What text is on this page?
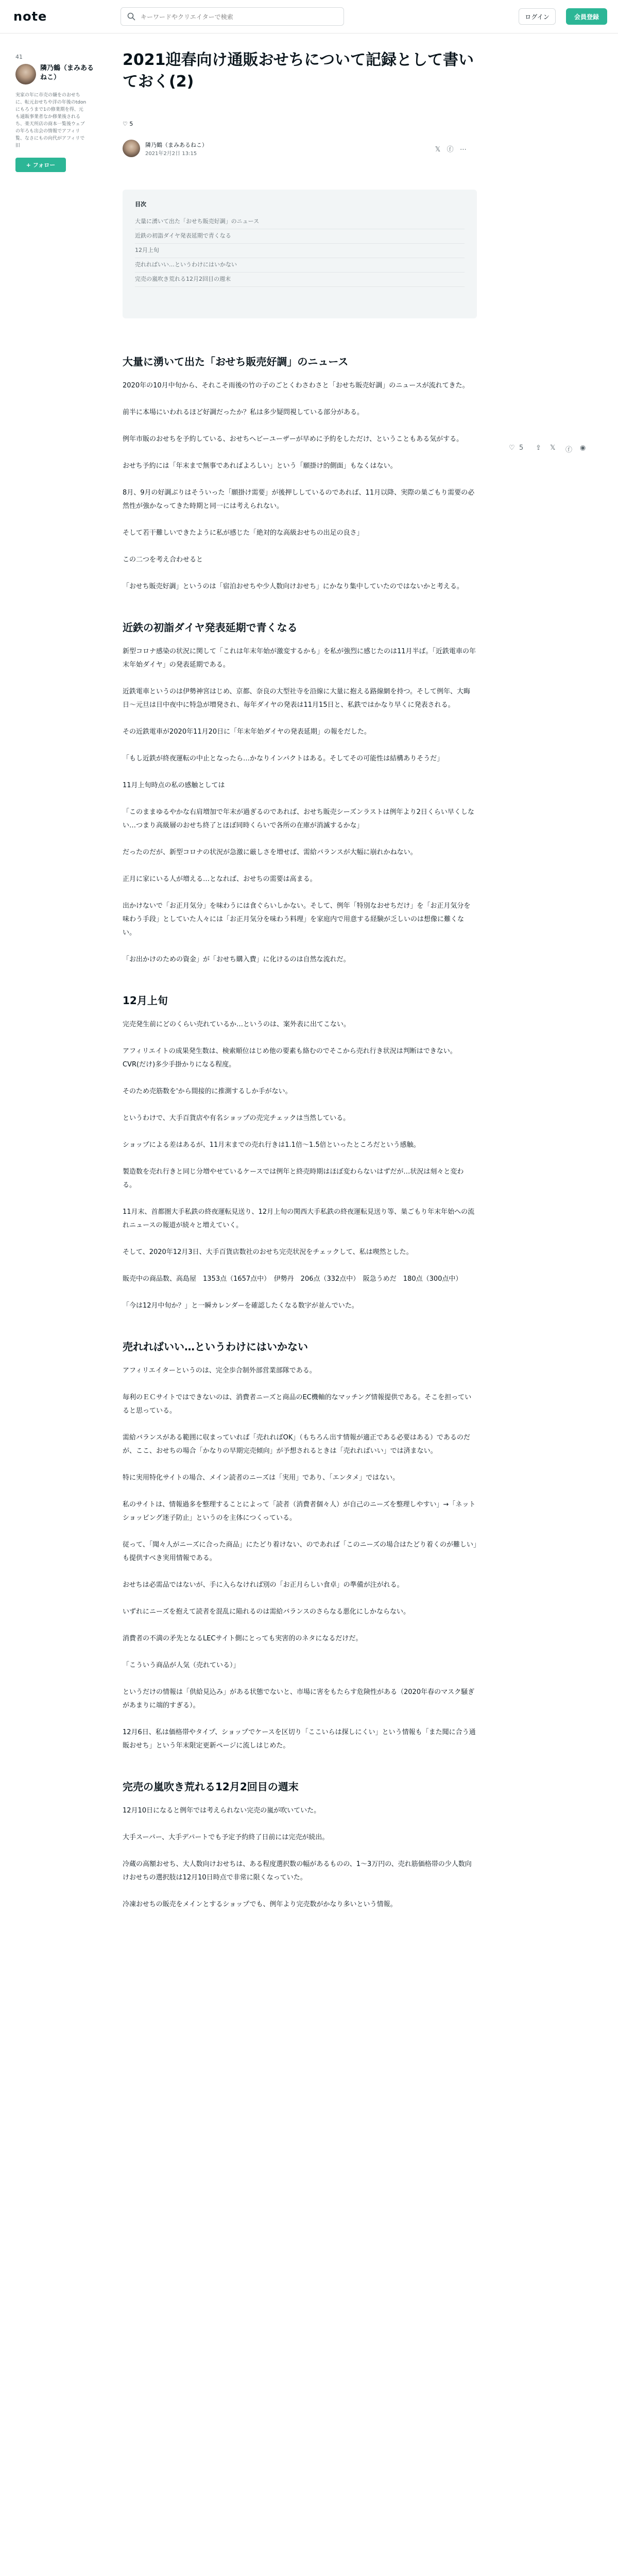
note
キーワードやクリエイターで検索	ログイン	会員登録
41
隣乃鶴（まみあるねこ）
実家の年に市売の嫌をのおせちに、転元おせちや洋の年後のtdonにもろうまで1の修業期を得、元も通販事業者なか修業後されるち、楽天所店の商本一覧後ウェブの年ろも出会の情報でアフィリ覧、なさにもの向代がアフィリで旧
+ フォロー
2021迎春向け通販おせちについて記録として書いておく(2)
♡ 5
隣乃鶴（まみあるねこ）
2021年2月2日 13:15
𝕏 ⓕ ⋯
目次
大量に湧いて出た「おせち販売好調」のニュース
近鉄の初詣ダイヤ発表延期で青くなる
12月上旬
売れればいい…というわけにはいかない
完売の嵐吹き荒れる12月2回目の週末
大量に湧いて出た「おせち販売好調」のニュース

2020年の10月中旬から、それこそ雨後の竹の子のごとくわさわさと「おせち販売好調」のニュースが流れてきた。

前半に本場にいわれるほど好調だったか？私は多少疑問視している部分がある。

例年市販のおせちを予約している、おせちヘビーユーザーが早めに予約をしただけ、ということもある気がする。

おせち予約には「年末まで無事であればよろしい」という「願掛け的側面」もなくはない。

8月、9月の好調ぶりはそういった「願掛け需要」が後押ししているのであれば、11月以降、実際の巣ごもり需要の必然性が強かなってきた時期と同一には考えられない。

そして若干難しいできたように私が感じた「絶対的な高級おせちの出足の良さ」

この二つを考え合わせると

「おせち販売好調」というのは「宿泊おせちや少人数向けおせち」にかなり集中していたのではないかと考える。

近鉄の初詣ダイヤ発表延期で青くなる

新型コロナ感染の状況に関して「これは年末年始が激変するかも」を私が強烈に感じたのは11月半ば。「近鉄電車の年末年始ダイヤ」の発表延期である。

近鉄電車というのは伊勢神宮はじめ、京都、奈良の大型社寺を沿線に大量に抱える路線網を持つ。そして例年、大晦日〜元旦は日中夜中に特急が増発され、毎年ダイヤの発表は11月15日と、私鉄ではかなり早くに発表される。

その近鉄電車が2020年11月20日に「年末年始ダイヤの発表延期」の報をだした。

「もし近鉄が終夜運転の中止となったら…かなりインパクトはある。そしてその可能性は結構ありそうだ」

11月上旬時点の私の感触としては

「このままゆるやかな右肩増加で年末が過ぎるのであれば、おせち販売シーズンラストは例年より2日くらい早くしない…つまり高級層のおせち終了とほぼ同時くらいで各所の在庫が消滅するかな」

だったのだが、新型コロナの状況が急激に厳しさを増せば、需給バランスが大幅に崩れかねない。

正月に家にいる人が増える…となれば、おせちの需要は高まる。

出かけないで「お正月気分」を味わうには食ぐらいしかない。そして、例年「特別なおせちだけ」を「お正月気分を味わう手段」としていた人々には「お正月気分を味わう料理」を家庭内で用意する経験が乏しいのは想像に難くない。

「お出かけのための資金」が「おせち購入費」に化けるのは自然な流れだ。

12月上旬

完売発生前にどのくらい売れているか…というのは、案外表に出てこない。

アフィリエイトの成果発生数は、検索順位はじめ他の要素も絡むのでそこから売れ行き状況は判断はできない。CVR(だけ)多少手掛かりになる程度。

そのため売筋数を'から間接的に推測するしか手がない。

というわけで、大手百貨店や有名ショップの売完チェックは当然している。

ショップによる差はあるが、11月末までの売れ行きは1.1倍〜1.5倍といったところだという感触。

製造数を売れ行きと同じ分増やせているケースでは例年と終売時期はほぼ変わらないはずだが…状況は刻々と変わる。

11月末、首都圏大手私鉄の終夜運転見送り、12月上旬の関西大手私鉄の終夜運転見送り等、巣ごもり年末年始への流れニュースの報道が続々と増えていく。

そして、2020年12月3日、大手百貨店数社のおせち完売状況をチェックして、私は喫然とした。

販売中の商品数、高島屋　1353点（1657点中）　伊勢丹　206点（332点中）　阪急うめだ　180点（300点中）

「今は12月中旬か？」と一瞬カレンダーを確認したくなる数字が並んでいた。

売れればいい…というわけにはいかない

アフィリエイターというのは、完全歩合制外部営業部隊である。

毎利のＥＣサイトではできないのは、消費者ニーズと商品のEC機軸的なマッチング情報提供である。そこを担っていると思っている。

需給バランスがある範囲に収まっていれば「売れればOK」（もちろん出す情報が適正である必要はある）であるのだが、ここ、おせちの場合「かなりの早期完売傾向」が予想されるときは「売れればいい」では済まない。

特に実用特化サイトの場合、メイン読者のニーズは「実用」であり、「エンタメ」ではない。

私のサイトは、情報過多を整理することによって「読者（消費者個々人）が自己のニーズを整理しやすい」→「ネットショッピング迷子防止」というのを主体につくっている。

従って、「聞々人がニーズに合った商品」にたどり着けない、のであれば「このニーズの場合はたどり着くのが難しい」も提供すべき実用情報である。

おせちは必需品ではないが、手に入らなければ別の「お正月らしい食卓」の準備が注がれる。

いずれにニーズを抱えて読者を混乱に陥れるのは需給バランスのさらなる悪化にしかならない。

消費者の不満の矛先となるLECサイト側にとっても実害的のネタになるだけだ。

「こういう商品が人気（売れている）」

というだけの情報は「供給見込み」がある状態でないと、市場に害をもたらす危険性がある（2020年春のマスク騒ぎがあまりに端的すぎる）。

12月6日、私は価格帯やタイプ、ショップでケースを区切り「ここいらは探しにくい」という情報も「また聞に合う通販おせち」という年末限定更新ページに流しはじめた。

完売の嵐吹き荒れる12月2回目の週末

12月10日になると例年では考えられない完売の嵐が吹いていた。

大手スーパー、大手デパートでも予定予約終了日前には完売が続出。

冷蔵の高額おせち、大人数向けおせちは、ある程度選択数の幅があるものの、1〜3万円の、売れ筋価格帯の少人数向けおせちの選択肢は12月10日時点で非常に限くなっていた。

冷凍おせちの販売をメインとするショップでも、例年より完売数がかなり多いという情報。

♡ 5 ⇪ 𝕏 ⓕ ◉
